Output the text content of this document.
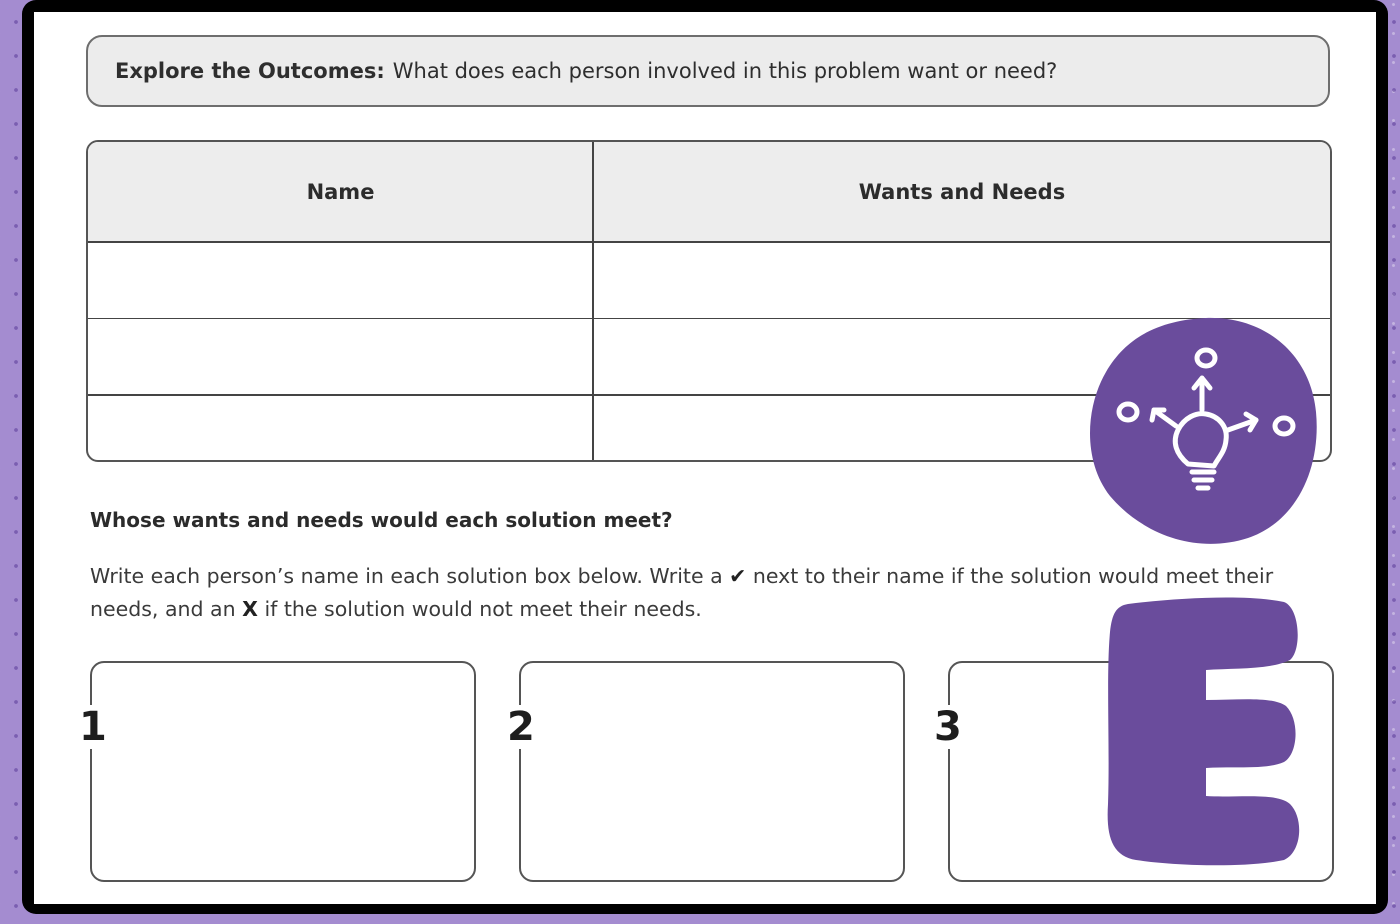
Explore the Outcomes: What does each person involved in this problem want or need?
Name	Wants and Needs
Whose wants and needs would each solution meet?
Write each person’s name in each solution box below. Write a ✔ next to their name if the solution would meet their needs, and an X if the solution would not meet their needs.
1	2	3
